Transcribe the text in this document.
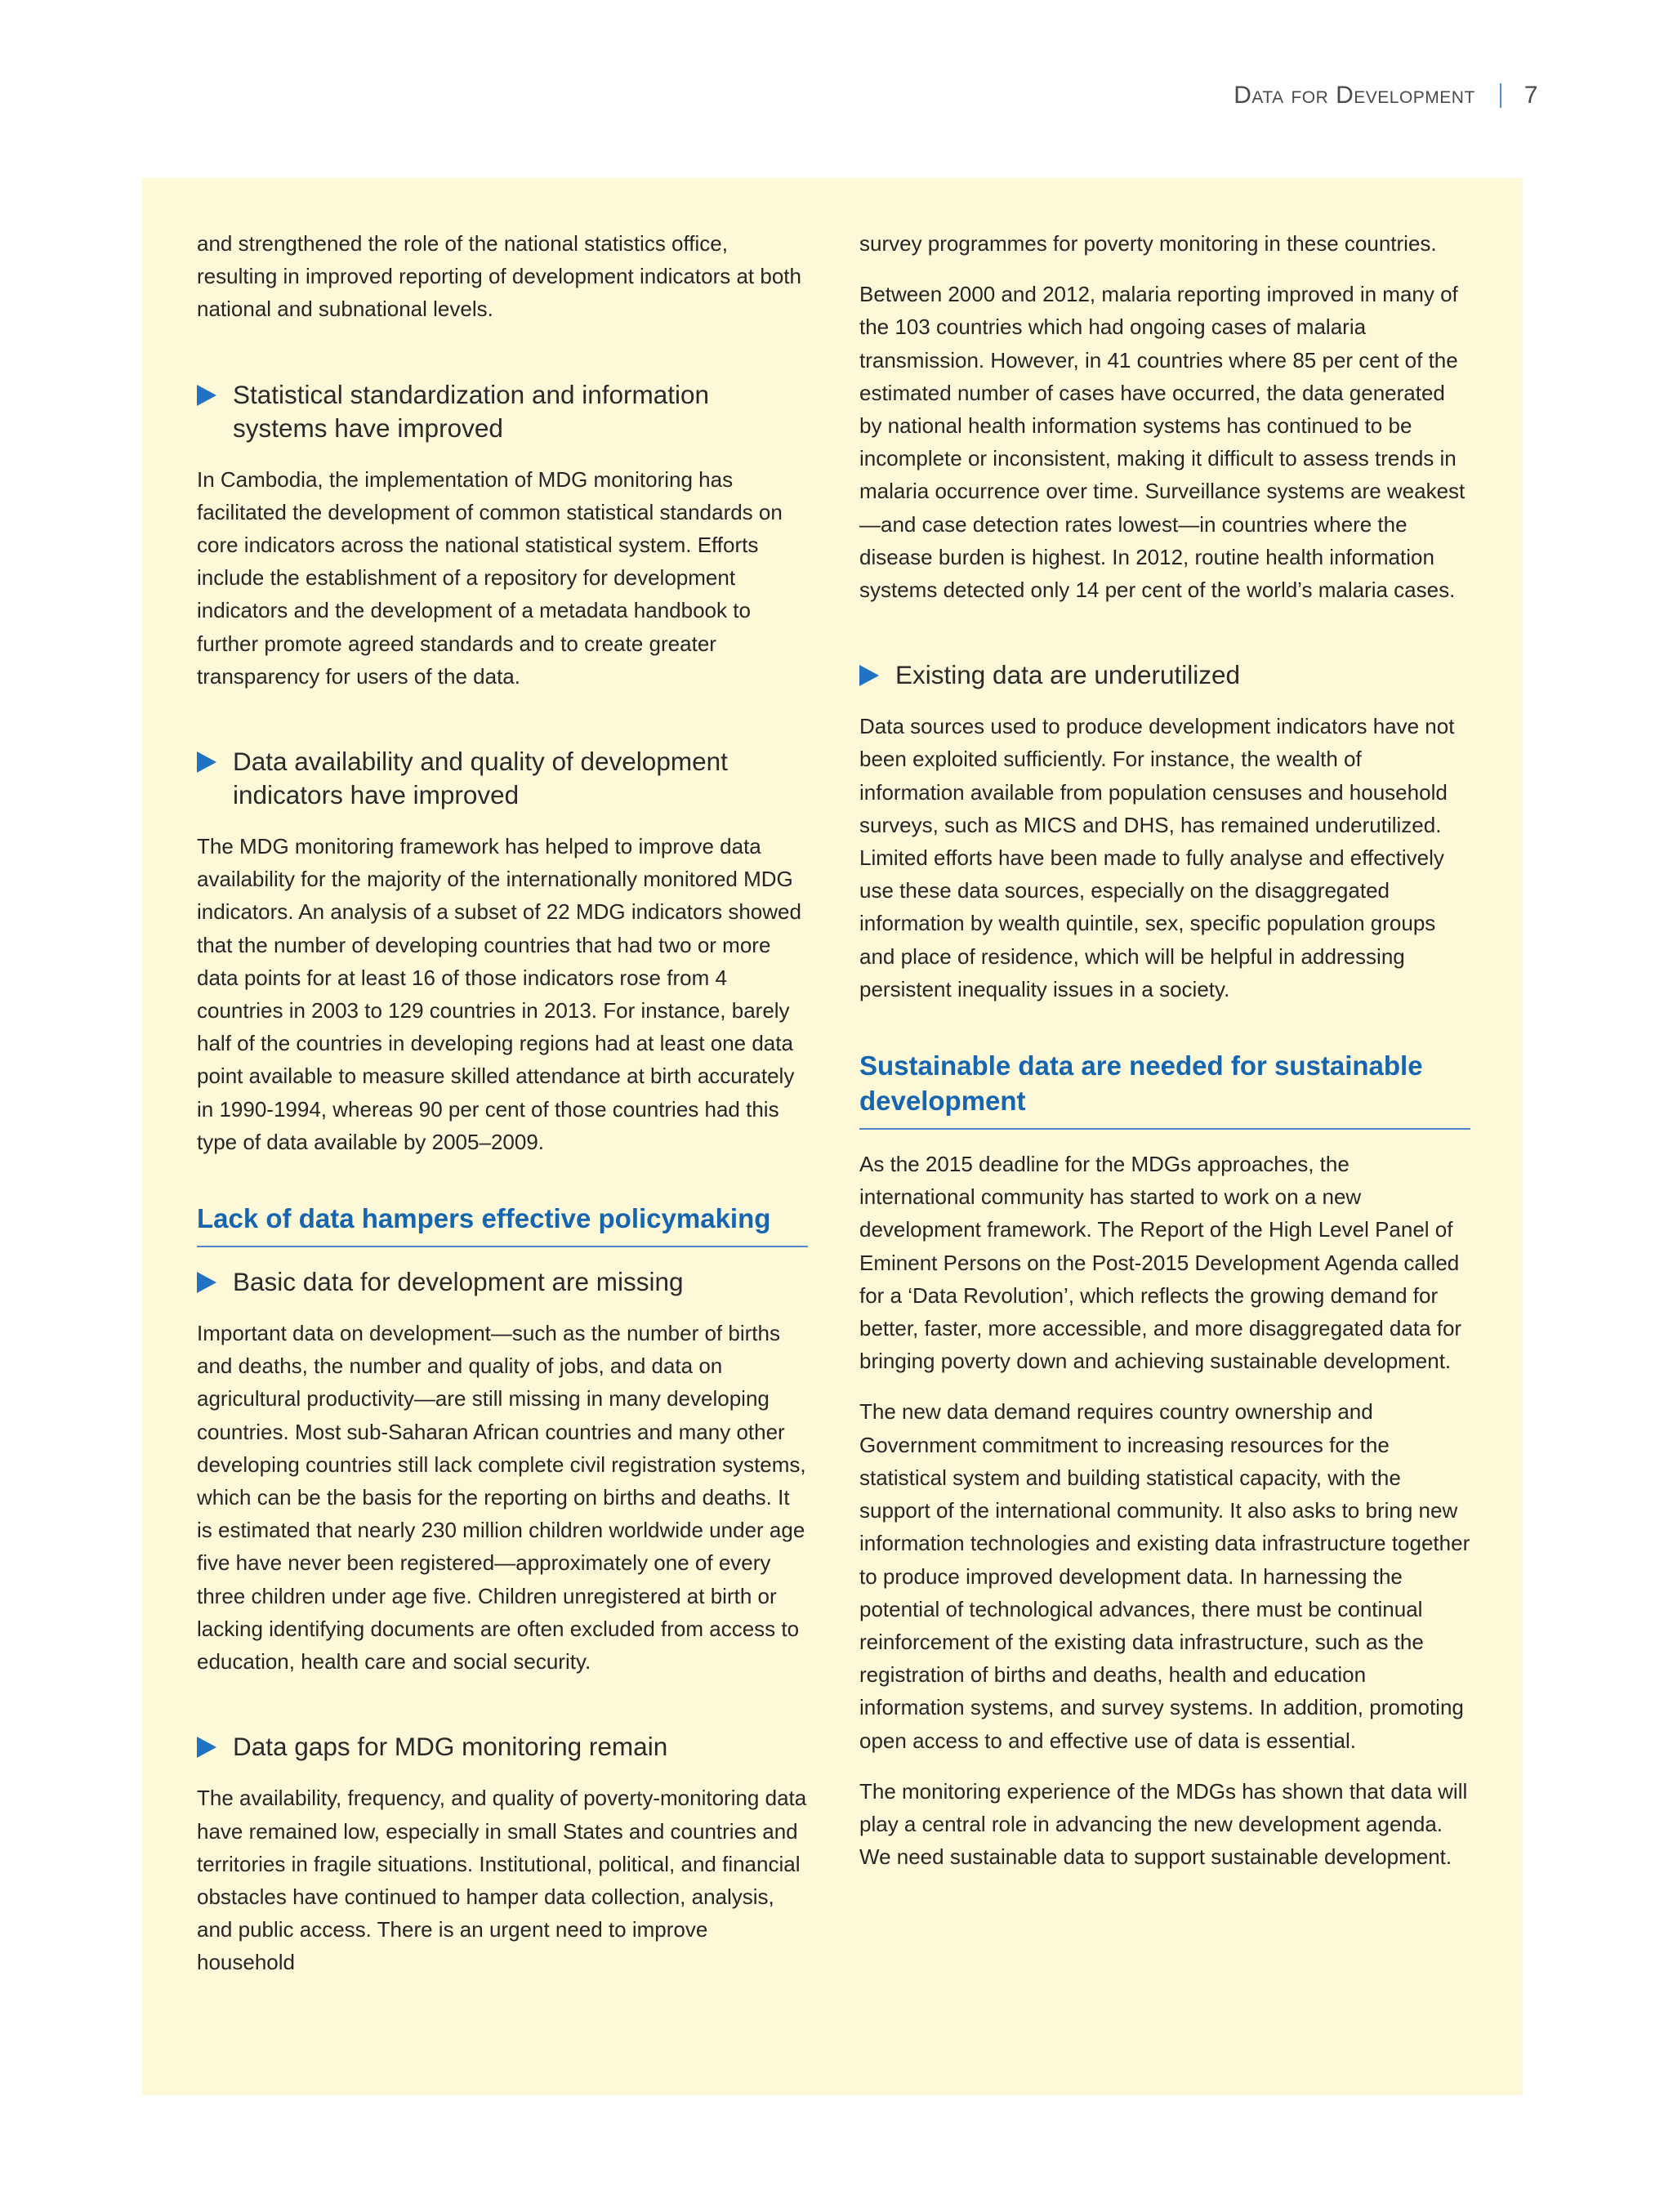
Data for Development 7

and strengthened the role of the national statistics office, resulting in improved reporting of development indicators at both national and subnational levels.

Statistical standardization and information systems have improved

In Cambodia, the implementation of MDG monitoring has facilitated the development of common statistical standards on core indicators across the national statistical system. Efforts include the establishment of a repository for development indicators and the development of a metadata handbook to further promote agreed standards and to create greater transparency for users of the data.

Data availability and quality of development indicators have improved

The MDG monitoring framework has helped to improve data availability for the majority of the internationally monitored MDG indicators. An analysis of a subset of 22 MDG indicators showed that the number of developing countries that had two or more data points for at least 16 of those indicators rose from 4 countries in 2003 to 129 countries in 2013. For instance, barely half of the countries in developing regions had at least one data point available to measure skilled attendance at birth accurately in 1990-1994, whereas 90 per cent of those countries had this type of data available by 2005–2009.

Lack of data hampers effective policymaking
Basic data for development are missing

Important data on development—such as the number of births and deaths, the number and quality of jobs, and data on agricultural productivity—are still missing in many developing countries. Most sub-Saharan African countries and many other developing countries still lack complete civil registration systems, which can be the basis for the reporting on births and deaths. It is estimated that nearly 230 million children worldwide under age five have never been registered—approximately one of every three children under age five. Children unregistered at birth or lacking identifying documents are often excluded from access to education, health care and social security.

Data gaps for MDG monitoring remain

The availability, frequency, and quality of poverty-monitoring data have remained low, especially in small States and countries and territories in fragile situations. Institutional, political, and financial obstacles have continued to hamper data collection, analysis, and public access. There is an urgent need to improve household

survey programmes for poverty monitoring in these countries.

Between 2000 and 2012, malaria reporting improved in many of the 103 countries which had ongoing cases of malaria transmission. However, in 41 countries where 85 per cent of the estimated number of cases have occurred, the data generated by national health information systems has continued to be incomplete or inconsistent, making it difficult to assess trends in malaria occurrence over time. Surveillance systems are weakest—and case detection rates lowest—in countries where the disease burden is highest. In 2012, routine health information systems detected only 14 per cent of the world’s malaria cases.

Existing data are underutilized

Data sources used to produce development indicators have not been exploited sufficiently. For instance, the wealth of information available from population censuses and household surveys, such as MICS and DHS, has remained underutilized. Limited efforts have been made to fully analyse and effectively use these data sources, especially on the disaggregated information by wealth quintile, sex, specific population groups and place of residence, which will be helpful in addressing persistent inequality issues in a society.

Sustainable data are needed for sustainable development

As the 2015 deadline for the MDGs approaches, the international community has started to work on a new development framework. The Report of the High Level Panel of Eminent Persons on the Post-2015 Development Agenda called for a ‘Data Revolution’, which reflects the growing demand for better, faster, more accessible, and more disaggregated data for bringing poverty down and achieving sustainable development.

The new data demand requires country ownership and Government commitment to increasing resources for the statistical system and building statistical capacity, with the support of the international community. It also asks to bring new information technologies and existing data infrastructure together to produce improved development data. In harnessing the potential of technological advances, there must be continual reinforcement of the existing data infrastructure, such as the registration of births and deaths, health and education information systems, and survey systems. In addition, promoting open access to and effective use of data is essential.

The monitoring experience of the MDGs has shown that data will play a central role in advancing the new development agenda. We need sustainable data to support sustainable development.
